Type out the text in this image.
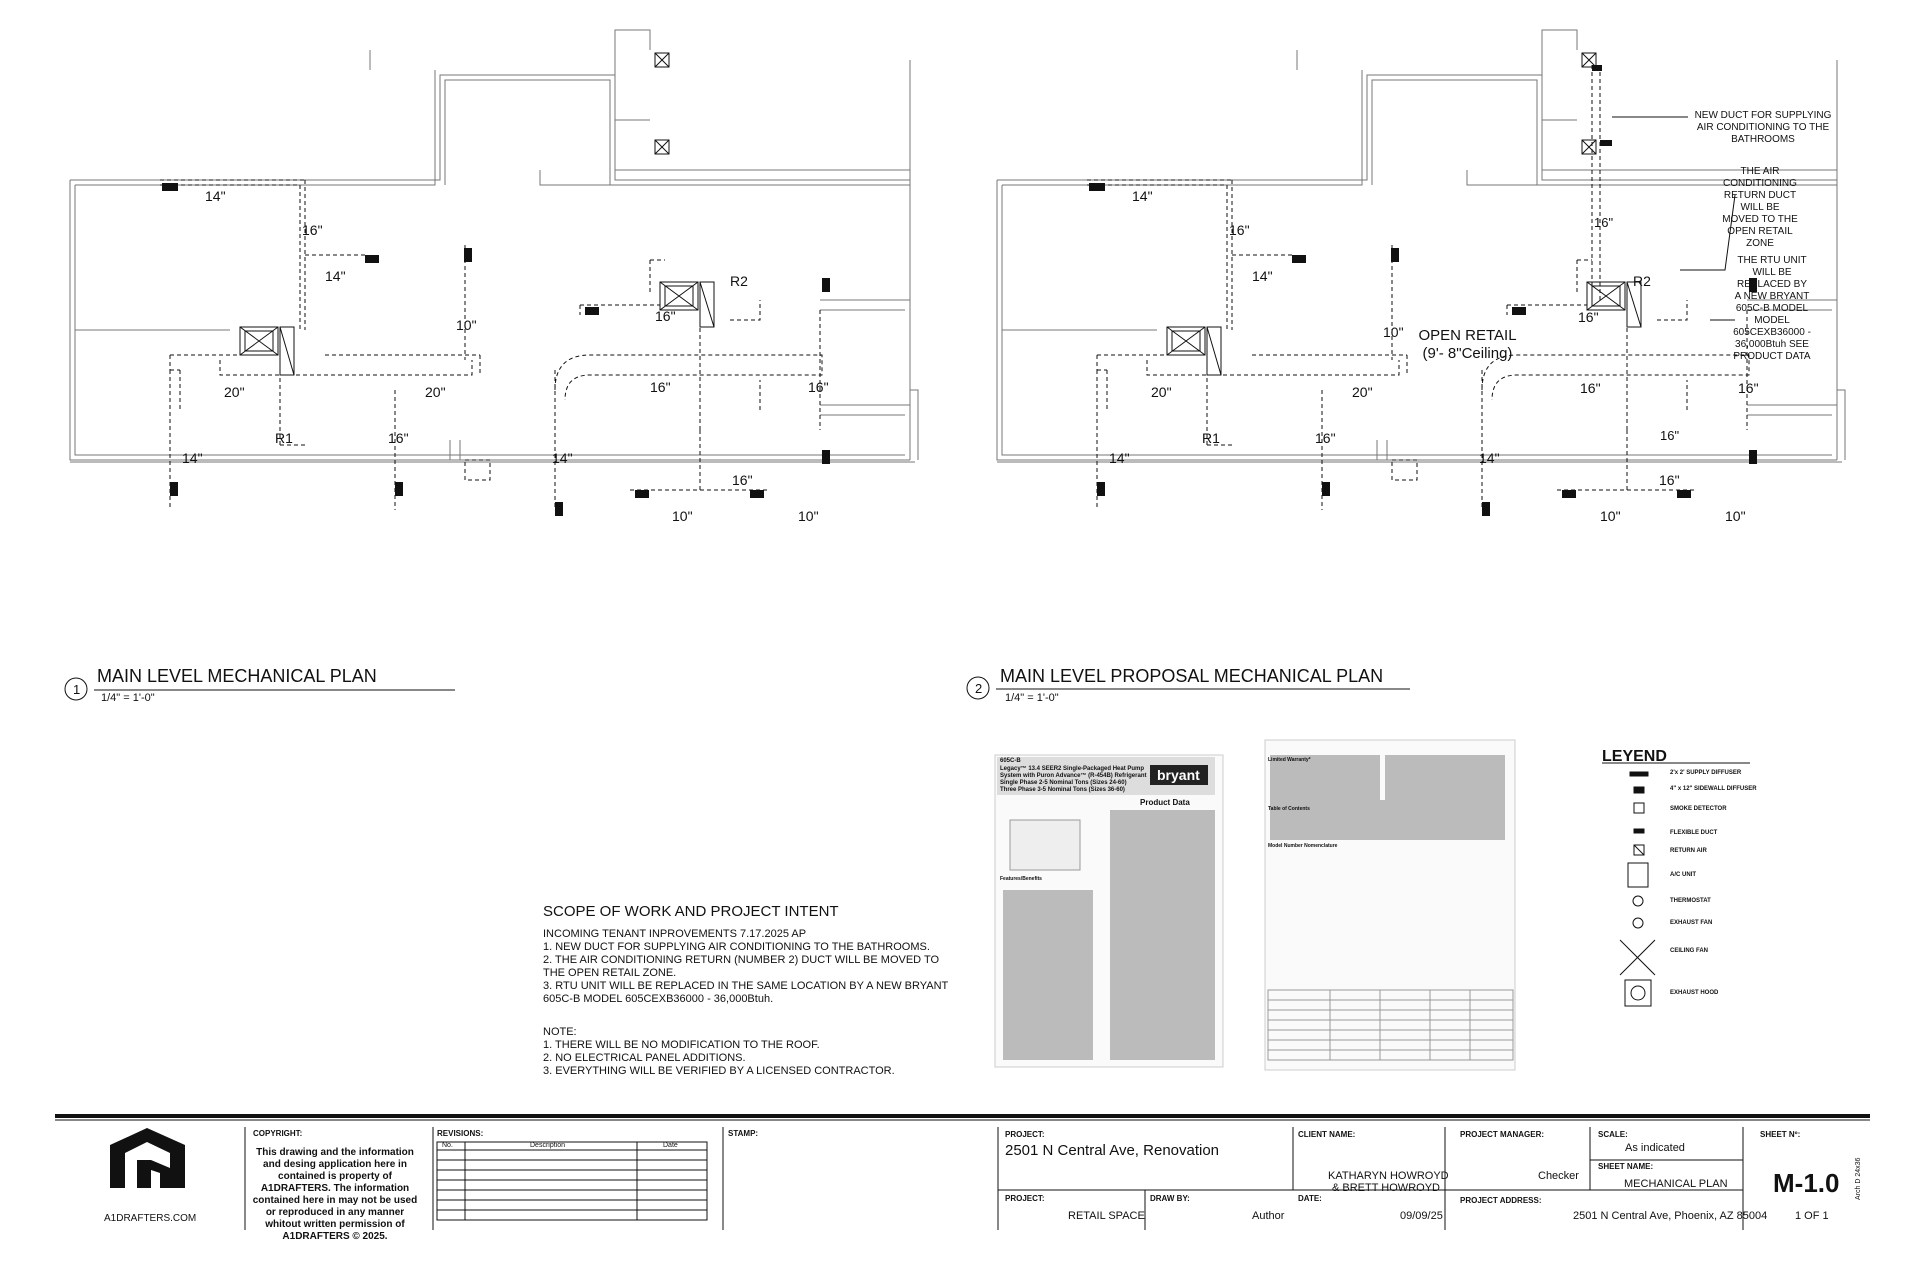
14"
16"
14"
10"
16"
20"	20"	16"	16"
R1
R2
16"
14"	14"
16"
10"	10"
14"
16"
14"
10"
16"
20"	20"	16"	16"
R1
R2
16"
14"	14"
16"
10"	10"
16"
16"
OPEN RETAIL
(9'- 8"Ceiling)
NEW DUCT FOR SUPPLYING
AIR CONDITIONING TO THE
BATHROOMS
THE AIR
CONDITIONING
RETURN DUCT
WILL BE
MOVED TO THE
OPEN RETAIL
ZONE
THE RTU UNIT
WILL BE
REPLACED BY
A NEW BRYANT
605C-B MODEL
MODEL
605CEXB36000 -
36,000Btuh SEE
PRODUCT DATA
1
MAIN LEVEL MECHANICAL PLAN
1/4" = 1'-0"
2
MAIN LEVEL PROPOSAL MECHANICAL PLAN
1/4" = 1'-0"
SCOPE OF WORK AND PROJECT INTENT
INCOMING TENANT INPROVEMENTS 7.17.2025 AP
1. NEW DUCT FOR SUPPLYING AIR CONDITIONING TO THE BATHROOMS.
2. THE AIR CONDITIONING RETURN (NUMBER 2) DUCT WILL BE MOVED TO
THE OPEN RETAIL ZONE.
3. RTU UNIT WILL BE REPLACED IN THE SAME LOCATION BY A NEW BRYANT
605C-B MODEL 605CEXB36000 - 36,000Btuh.
NOTE:
1. THERE WILL BE NO MODIFICATION TO THE ROOF.
2. NO ELECTRICAL PANEL ADDITIONS.
3. EVERYTHING WILL BE VERIFIED BY A LICENSED CONTRACTOR.
605C-B
Legacy™ 13.4 SEER2 Single-Packaged Heat Pump
System with Puron Advance™ (R-454B) Refrigerant
Single Phase 2-5 Nominal Tons (Sizes 24-60)
Three Phase 3-5 Nominal Tons (Sizes 36-60)
bryant
Product Data
Features/Benefits
Limited Warranty*
Table of Contents
Model Number Nomenclature
LEYEND
2'x 2' SUPPLY DIFFUSER
4" x 12" SIDEWALL DIFFUSER
SMOKE DETECTOR
FLEXIBLE DUCT
RETURN AIR
A/C UNIT
THERMOSTAT
EXHAUST FAN
CEILING FAN
EXHAUST HOOD
A1DRAFTERS.COM
COPYRIGHT:
This drawing and the information and desing application here in contained is property of A1DRAFTERS. The information contained here in may not be used or reproduced in any manner whitout written permission of A1DRAFTERS © 2025.
REVISIONS:
No.	Description	Date
STAMP:	PROJECT:
2501 N Central Ave, Renovation
PROJECT:
RETAIL SPACE
DRAW BY:
Author
CLIENT NAME:
KATHARYN HOWROYD
& BRETT HOWROYD
DATE:
09/09/25
PROJECT MANAGER:
Checker
PROJECT ADDRESS:
2501 N Central Ave, Phoenix, AZ 85004
SCALE:
As indicated
SHEET NAME:
MECHANICAL PLAN
SHEET Nº:
M-1.0
1 OF 1
Arch D 24x36
